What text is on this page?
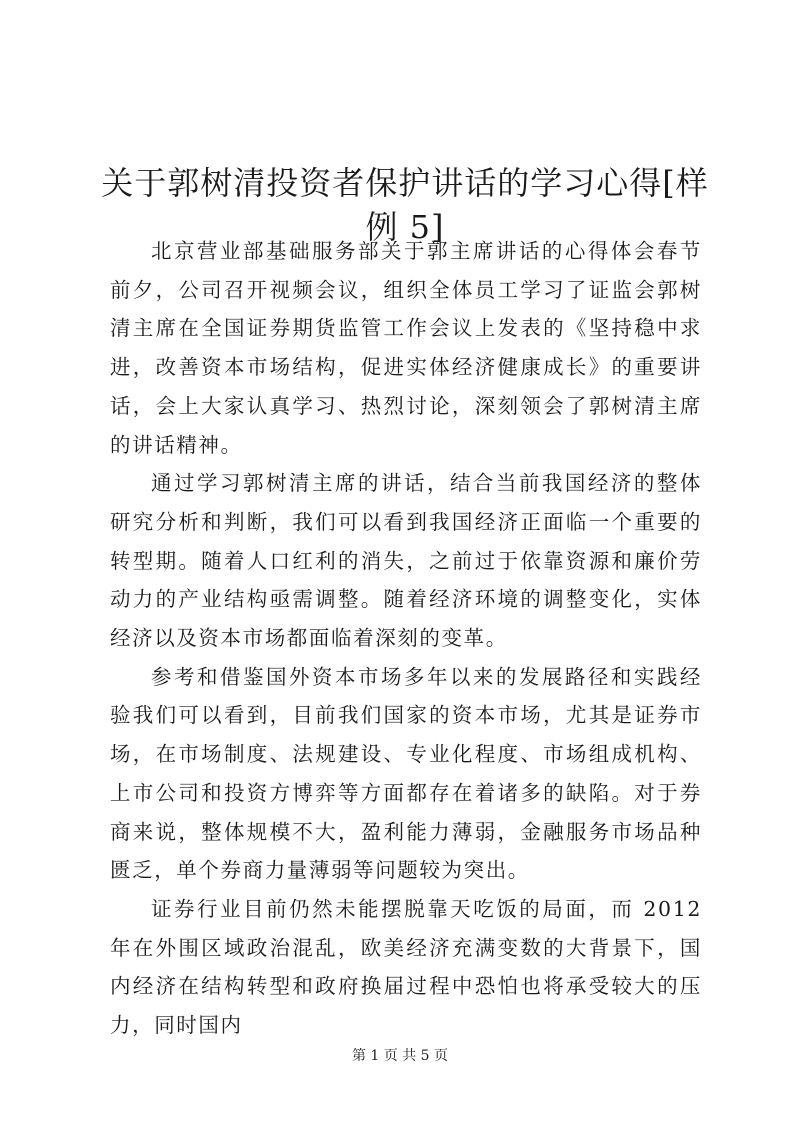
关于郭树清投资者保护讲话的学习心得[样例 5]

北京营业部基础服务部关于郭主席讲话的心得体会春节前夕，公司召开视频会议，组织全体员工学习了证监会郭树清主席在全国证券期货监管工作会议上发表的《坚持稳中求进，改善资本市场结构，促进实体经济健康成长》的重要讲话，会上大家认真学习、热烈讨论，深刻领会了郭树清主席的讲话精神。

通过学习郭树清主席的讲话，结合当前我国经济的整体研究分析和判断，我们可以看到我国经济正面临一个重要的转型期。随着人口红利的消失，之前过于依靠资源和廉价劳动力的产业结构亟需调整。随着经济环境的调整变化，实体经济以及资本市场都面临着深刻的变革。

参考和借鉴国外资本市场多年以来的发展路径和实践经验我们可以看到，目前我们国家的资本市场，尤其是证券市场，在市场制度、法规建设、专业化程度、市场组成机构、上市公司和投资方博弈等方面都存在着诸多的缺陷。对于券商来说，整体规模不大，盈利能力薄弱，金融服务市场品种匮乏，单个券商力量薄弱等问题较为突出。

证券行业目前仍然未能摆脱靠天吃饭的局面，而 2012 年在外围区域政治混乱，欧美经济充满变数的大背景下，国内经济在结构转型和政府换届过程中恐怕也将承受较大的压力，同时国内

第 1 页 共 5 页
